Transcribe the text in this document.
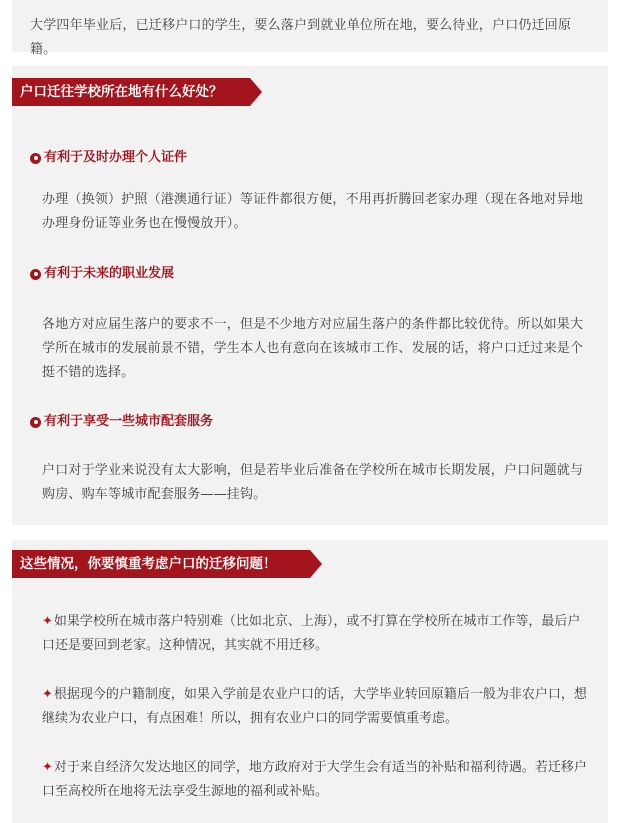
大学四年毕业后，已迁移户口的学生，要么落户到就业单位所在地，要么待业，户口仍迁回原籍。

户口迁往学校所在地有什么好处？
有利于及时办理个人证件

办理（换领）护照（港澳通行证）等证件都很方便，不用再折腾回老家办理（现在各地对异地办理身份证等业务也在慢慢放开）。

有利于未来的职业发展

各地方对应届生落户的要求不一，但是不少地方对应届生落户的条件都比较优待。所以如果大学所在城市的发展前景不错，学生本人也有意向在该城市工作、发展的话，将户口迁过来是个挺不错的选择。

有利于享受一些城市配套服务

户口对于学业来说没有太大影响，但是若毕业后准备在学校所在城市长期发展，户口问题就与购房、购车等城市配套服务——挂钩。

这些情况，你要慎重考虑户口的迁移问题！

✦如果学校所在城市落户特别难（比如北京、上海），或不打算在学校所在城市工作等，最后户口还是要回到老家。这种情况，其实就不用迁移。

✦根据现今的户籍制度，如果入学前是农业户口的话，大学毕业转回原籍后一般为非农户口，想继续为农业户口，有点困难！所以，拥有农业户口的同学需要慎重考虑。

✦对于来自经济欠发达地区的同学，地方政府对于大学生会有适当的补贴和福利待遇。若迁移户口至高校所在地将无法享受生源地的福利或补贴。
